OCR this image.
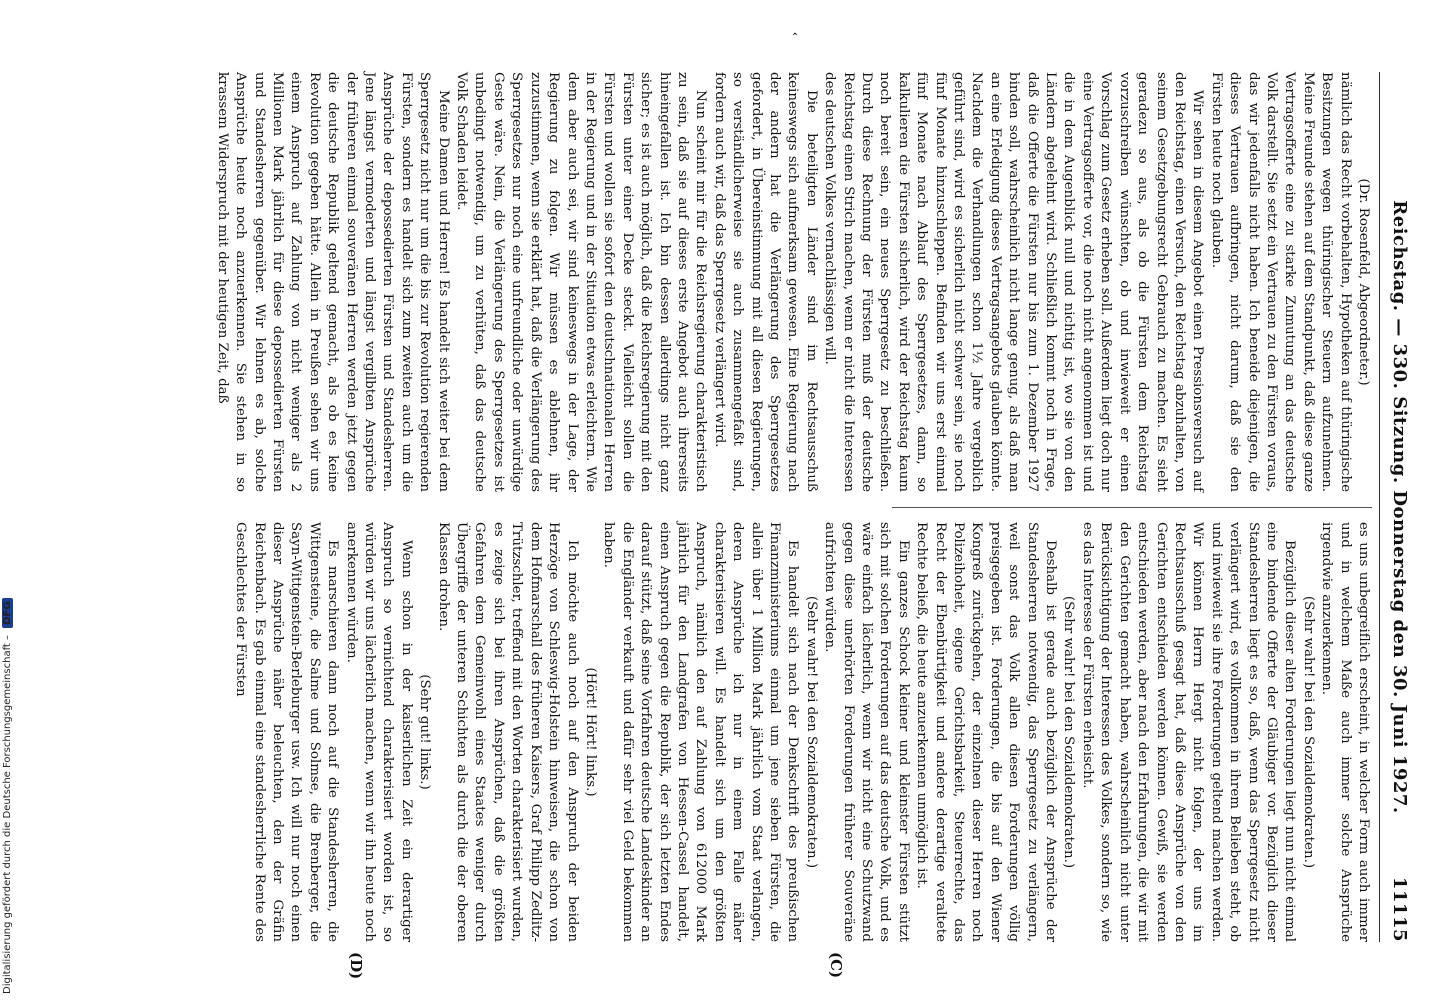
Reichstag. — 330. Sitzung. Donnerstag den 30. Juni 1927.
11115

(Dr. Rosenfeld, Abgeordneter.)

nämlich das Recht vorbehalten, Hypotheken auf thüringische Besitzungen wegen thüringischer Steuern aufzunehmen. Meine Freunde stehen auf dem Standpunkt, daß diese ganze Vertragsofferte eine zu starke Zumutung an das deutsche Volk darstellt. Sie setzt ein Vertrauen zu den Fürsten voraus, das wir jedenfalls nicht haben. Ich beneide diejenigen, die dieses Vertrauen aufbringen, nicht darum, daß sie den Fürsten heute noch glauben.

Wir sehen in diesem Angebot einen Pressionsversuch auf den Reichstag, einen Versuch, den Reichstag abzuhalten, von seinem Gesetzgebungsrecht Gebrauch zu machen. Es sieht geradezu so aus, als ob die Fürsten dem Reichstag vorzuschreiben wünschten, ob und inwieweit er einen Vorschlag zum Gesetz erheben soll. Außerdem liegt doch nur eine Vertragsofferte vor, die noch nicht angenommen ist und die in dem Augenblick null und nichtig ist, wo sie von den Ländern abgelehnt wird. Schließlich kommt noch in Frage, daß die Offerte die Fürsten nur bis zum 1. Dezember 1927 binden soll, wahrscheinlich nicht lange genug, als daß man an eine Erledigung dieses Vertragsangebots glauben könnte. Nachdem die Verhandlungen schon 1½ Jahre vergeblich geführt sind, wird es sicherlich nicht schwer sein, sie noch fünf Monate hinzuschleppen. Befinden wir uns erst einmal fünf Monate nach Ablauf des Sperrgesetzes, dann, so kalkulieren die Fürsten sicherlich, wird der Reichstag kaum noch bereit sein, ein neues Sperrgesetz zu beschließen. Durch diese Rechnung der Fürsten muß der deutsche Reichstag einen Strich machen, wenn er nicht die Interessen des deutschen Volkes vernachlässigen will.

Die beteiligten Länder sind im Rechtsausschuß keineswegs sich aufmerksam gewesen. Eine Regierung nach der andern hat die Verlängerung des Sperrgesetzes gefordert, in Übereinstimmung mit all diesen Regierungen, so verständlicherweise sie auch zusammengefaßt sind, fordern auch wir, daß das Sperrgesetz verlängert wird.

Nun scheint mir für die Reichsregierung charakteristisch zu sein, daß sie auf dieses erste Angebot auch ihrerseits hineingefallen ist. Ich bin dessen allerdings nicht ganz sicher; es ist auch möglich, daß die Reichsregierung mit den Fürsten unter einer Decke steckt. Vielleicht sollen die Fürsten und wollen sie sofort den deutschnationalen Herren in der Regierung und in der Situation etwas erleichtern. Wie dem aber auch sei, wir sind keineswegs in der Lage, der Regierung zu folgen. Wir müssen es ablehnen, ihr zuzustimmen, wenn sie erklärt hat, daß die Verlängerung des Sperrgesetzes nur noch eine unfreundliche oder unwürdige Geste wäre. Nein, die Verlängerung des Sperrgesetzes ist unbedingt notwendig, um zu verhüten, daß das deutsche Volk Schaden leidet.

Meine Damen und Herren! Es handelt sich weiter bei dem Sperrgesetz nicht nur um die bis zur Revolution regierenden Fürsten, sondern es handelt sich zum zweiten auch um die Ansprüche der depossedierten Fürsten und Standesherren. Jene längst vermoderten und längst vergilbten Ansprüche der früheren einmal souveränen Herren werden jetzt gegen die deutsche Republik geltend gemacht, als ob es keine Revolution gegeben hätte. Allein in Preußen sehen wir uns einem Anspruch auf Zahlung von nicht weniger als 2 Millionen Mark jährlich für diese depossedierten Fürsten und Standesherren gegenüber. Wir lehnen es ab, solche Ansprüche heute noch anzuerkennen. Sie stehen in so krassem Widerspruch mit der heutigen Zeit, daß

es uns unbegreiflich erscheint, in welcher Form auch immer und in welchem Maße auch immer solche Ansprüche irgendwie anzuerkennen.

(Sehr wahr! bei den Sozialdemokraten.)

Bezüglich dieser alten Forderungen liegt nun nicht einmal eine bindende Offerte der Gläubiger vor. Bezüglich dieser Standesherren liegt es so, daß, wenn das Sperrgesetz nicht verlängert wird, es vollkommen in ihrem Belieben steht, ob und inwieweit sie ihre Forderungen geltend machen werden. Wir können Herrn Hergt nicht folgen, der uns im Rechtsausschuß gesagt hat, daß diese Ansprüche von den Gerichten entschieden werden können. Gewiß, sie werden entschieden werden, aber nach den Erfahrungen, die wir mit den Gerichten gemacht haben, wahrscheinlich nicht unter Berücksichtigung der Interessen des Volkes, sondern so, wie es das Interesse der Fürsten erheischt.

(Sehr wahr! bei den Sozialdemokraten.)

Deshalb ist gerade auch bezüglich der Ansprüche der Standesherren notwendig, das Sperrgesetz zu verlängern, weil sonst das Volk allen diesen Forderungen völlig preisgegeben ist. Forderungen, die bis auf den Wiener Kongreß zurückgehen, der einzelnen dieser Herren noch Polizeihoheit, eigene Gerichtsbarkeit, Steuerrechte, das Recht der Ebenbürtigkeit und andere derartige veraltete Rechte beließ, die heute anzuerkennen unmöglich ist.

Ein ganzes Schock kleiner und kleinster Fürsten stützt sich mit solchen Forderungen auf das deutsche Volk, und es wäre einfach lächerlich, wenn wir nicht eine Schutzwand gegen diese unerhörten Forderungen früherer Souveräne aufrichten würden.

(Sehr wahr! bei den Sozialdemokraten.)

Es handelt sich nach der Denkschrift des preußischen Finanzministeriums einmal um jene sieben Fürsten, die allein über 1 Million Mark jährlich vom Staat verlangen, deren Ansprüche ich nur in einem Falle näher charakterisieren will. Es handelt sich um den größten Anspruch, nämlich den auf Zahlung von 612000 Mark jährlich für den Landgrafen von Hessen-Cassel handelt, einen Anspruch gegen die Republik, der sich letzten Endes darauf stützt, daß seine Vorfahren deutsche Landeskinder an die Engländer verkauft und dafür sehr viel Geld bekommen haben.

(Hört! Hört! links.)

Ich möchte auch noch auf den Anspruch der beiden Herzöge von Schleswig-Holstein hinweisen, die schon von dem Hofmarschall des früheren Kaisers, Graf Philipp Zedlitz-Trützschler, treffend mit den Worten charakterisiert wurden, es zeige sich bei ihren Ansprüchen, daß die größten Gefahren dem Gemeinwohl eines Staates weniger durch Übergriffe der unteren Schichten als durch die der oberen Klassen drohen.

(Sehr gut! links.)

Wenn schon in der kaiserlichen Zeit ein derartiger Anspruch so vernichtend charakterisiert worden ist, so würden wir uns lächerlich machen, wenn wir ihn heute noch anerkennen würden.

Es marschieren dann noch auf die Standesherren, die Wittgensteine, die Salme und Solmse, die Brenberger, die Sayn-Wittgenstein-Berleburger usw. Ich will nur noch einen dieser Ansprüche näher beleuchten, den der Gräfin Reichenbach. Es gab einmal eine standesherrliche Rente des Geschlechtes der Fürsten

(C)
(D)
‹
Digitalisierung gefördert durch die Deutsche Forschungsgemeinschaft – DFG
